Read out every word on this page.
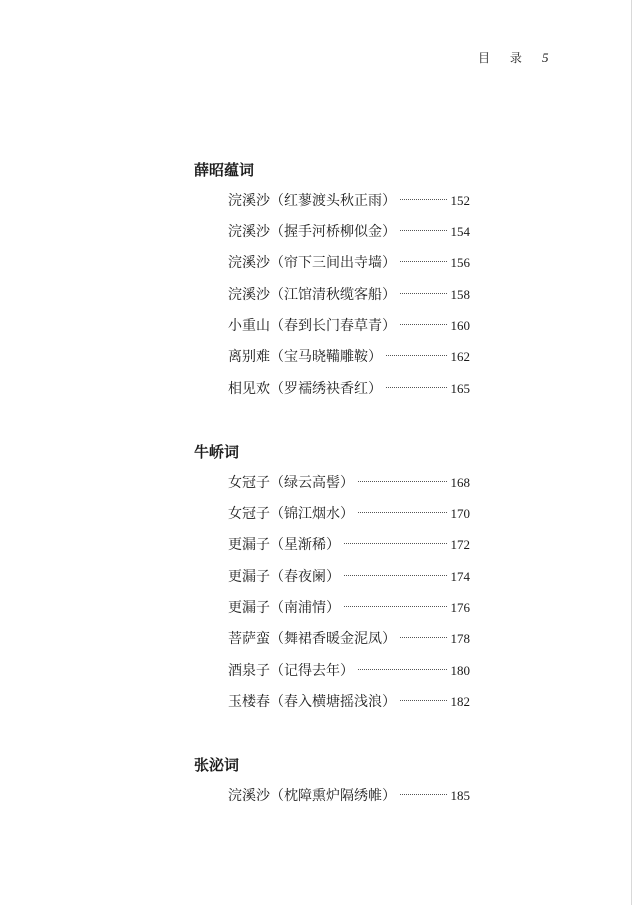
目 录 5
薛昭蕴词
浣溪沙（红蓼渡头秋正雨）	152
浣溪沙（握手河桥柳似金）	154
浣溪沙（帘下三间出寺墙）	156
浣溪沙（江馆清秋缆客船）	158
小重山（春到长门春草青）	160
离别难（宝马晓鞴雕鞍）	162
相见欢（罗襦绣袂香红）	165
牛峤词
女冠子（绿云高髻）	168
女冠子（锦江烟水）	170
更漏子（星渐稀）	172
更漏子（春夜阑）	174
更漏子（南浦情）	176
菩萨蛮（舞裙香暖金泥凤）	178
酒泉子（记得去年）	180
玉楼春（春入横塘摇浅浪）	182
张泌词
浣溪沙（枕障熏炉隔绣帷）	185
